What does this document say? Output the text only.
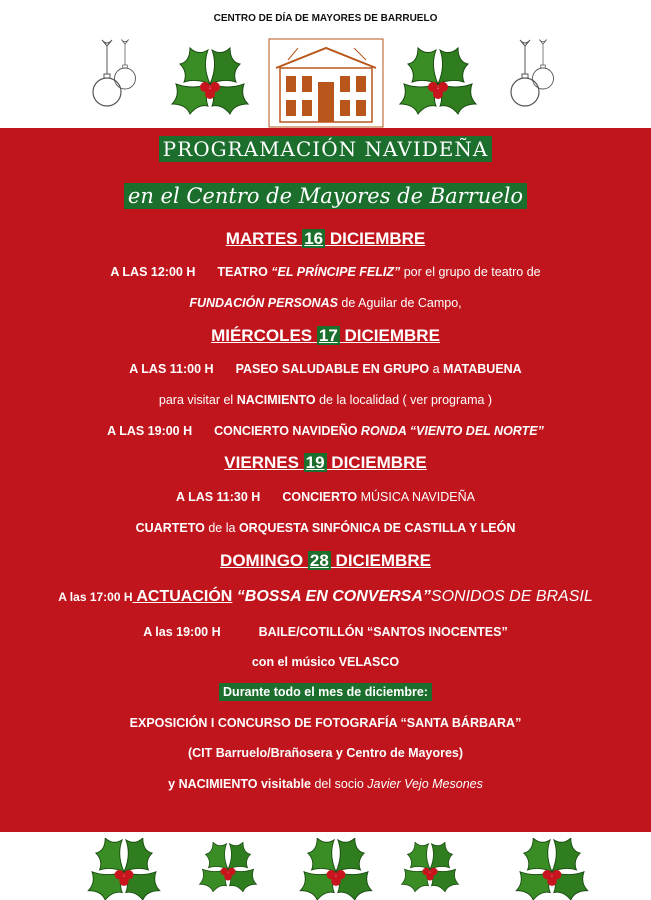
CENTRO DE DÍA DE MAYORES DE BARRUELO
PROGRAMACIÓN NAVIDEÑA
en el Centro de Mayores de Barruelo
MARTES 16 DICIEMBRE
A LAS 12:00 H TEATRO “EL PRÍNCIPE FELIZ” por el grupo de teatro de
FUNDACIÓN PERSONAS de Aguilar de Campo,
MIÉRCOLES 17 DICIEMBRE
A LAS 11:00 H PASEO SALUDABLE EN GRUPO a MATABUENA
para visitar el NACIMIENTO de la localidad ( ver programa )
A LAS 19:00 H CONCIERTO NAVIDEÑO RONDA “VIENTO DEL NORTE”
VIERNES 19 DICIEMBRE
A LAS 11:30 H CONCIERTO MÚSICA NAVIDEÑA
CUARTETO de la ORQUESTA SINFÓNICA DE CASTILLA Y LEÓN
DOMINGO 28 DICIEMBRE
A las 17:00 H ACTUACIÓN “BOSSA EN CONVERSA”SONIDOS DE BRASIL
A las 19:00 H	BAILE/COTILLÓN “SANTOS INOCENTES”
con el músico VELASCO
Durante todo el mes de diciembre:
EXPOSICIÓN I CONCURSO DE FOTOGRAFÍA “SANTA BÁRBARA”
(CIT Barruelo/Brañosera y Centro de Mayores)
y NACIMIENTO visitable del socio Javier Vejo Mesones
